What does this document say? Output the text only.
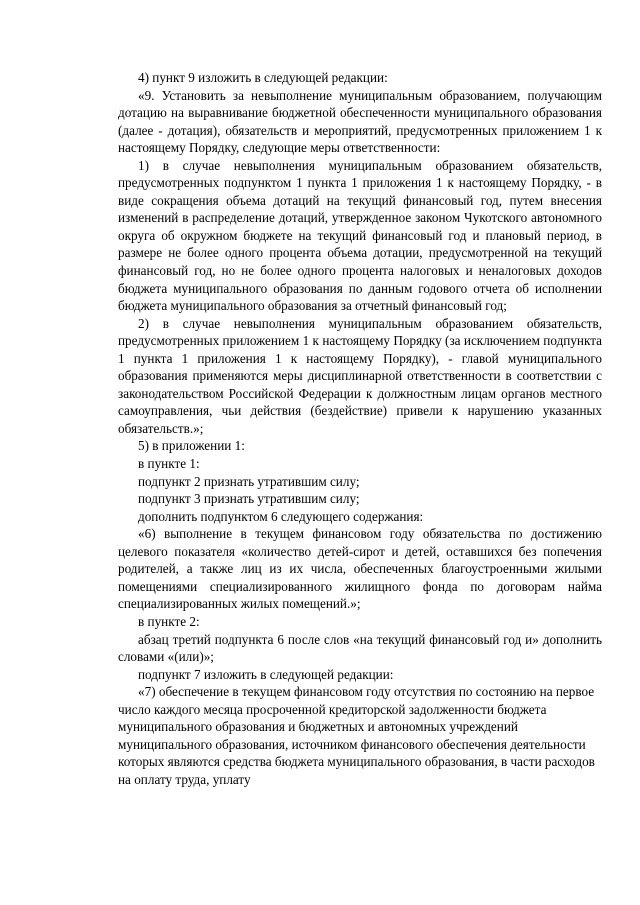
4) пункт 9 изложить в следующей редакции:

«9. Установить за невыполнение муниципальным образованием, получающим дотацию на выравнивание бюджетной обеспеченности муниципального образования (далее - дотация), обязательств и мероприятий, предусмотренных приложением 1 к настоящему Порядку, следующие меры ответственности:

1) в случае невыполнения муниципальным образованием обязательств, предусмотренных подпунктом 1 пункта 1 приложения 1 к настоящему Порядку, - в виде сокращения объема дотаций на текущий финансовый год, путем внесения изменений в распределение дотаций, утвержденное законом Чукотского автономного округа об окружном бюджете на текущий финансовый год и плановый период, в размере не более одного процента объема дотации, предусмотренной на текущий финансовый год, но не более одного процента налоговых и неналоговых доходов бюджета муниципального образования по данным годового отчета об исполнении бюджета муниципального образования за отчетный финансовый год;

2) в случае невыполнения муниципальным образованием обязательств, предусмотренных приложением 1 к настоящему Порядку (за исключением подпункта 1 пункта 1 приложения 1 к настоящему Порядку), - главой муниципального образования применяются меры дисциплинарной ответственности в соответствии с законодательством Российской Федерации к должностным лицам органов местного самоуправления, чьи действия (бездействие) привели к нарушению указанных обязательств.»;

5) в приложении 1:

в пункте 1:

подпункт 2 признать утратившим силу;

подпункт 3 признать утратившим силу;

дополнить подпунктом 6 следующего содержания:

«6) выполнение в текущем финансовом году обязательства по достижению целевого показателя «количество детей-сирот и детей, оставшихся без попечения родителей, а также лиц из их числа, обеспеченных благоустроенными жилыми помещениями специализированного жилищного фонда по договорам найма специализированных жилых помещений.»;

в пункте 2:

абзац третий подпункта 6 после слов «на текущий финансовый год и» дополнить словами «(или)»;

подпункт 7 изложить в следующей редакции:

«7) обеспечение в текущем финансовом году отсутствия по состоянию на первое число каждого месяца просроченной кредиторской задолженности бюджета муниципального образования и бюджетных и автономных учреждений муниципального образования, источником финансового обеспечения деятельности которых являются средства бюджета муниципального образования, в части расходов на оплату труда, уплату
